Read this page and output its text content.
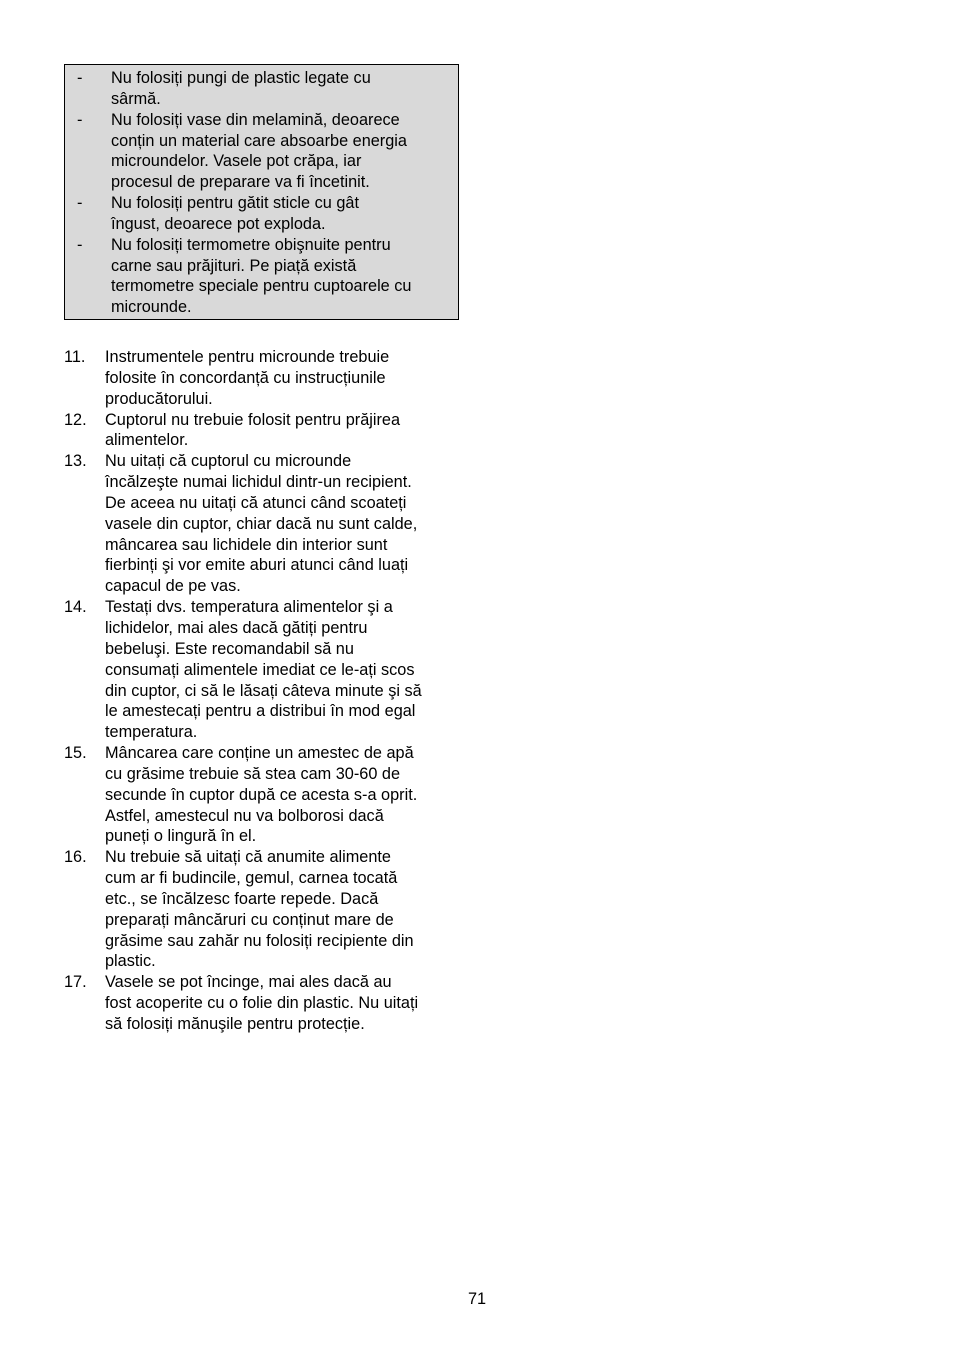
-	Nu folosiți pungi de plastic legate cu
sârmă.
-	Nu folosiți vase din melamină, deoarece
conțin un material care absoarbe energia
microundelor. Vasele pot crăpa, iar
procesul de preparare va fi încetinit.
-	Nu folosiți pentru gătit sticle cu gât
îngust, deoarece pot exploda.
-	Nu folosiți termometre obişnuite pentru
carne sau prăjituri. Pe piață există
termometre speciale pentru cuptoarele cu
microunde.
11.	Instrumentele pentru microunde trebuie
folosite în concordanță cu instrucțiunile
producătorului.
12.	Cuptorul nu trebuie folosit pentru prăjirea
alimentelor.
13.	Nu uitați că cuptorul cu microunde
încălzeşte numai lichidul dintr-un recipient.
De aceea nu uitați că atunci când scoateți
vasele din cuptor, chiar dacă nu sunt calde,
mâncarea sau lichidele din interior sunt
fierbinți şi vor emite aburi atunci când luați
capacul de pe vas.
14.	Testați dvs. temperatura alimentelor şi a
lichidelor, mai ales dacă gătiți pentru
bebeluşi. Este recomandabil să nu
consumați alimentele imediat ce le-ați scos
din cuptor, ci să le lăsați câteva minute şi să
le amestecați pentru a distribui în mod egal
temperatura.
15.	Mâncarea care conține un amestec de apă
cu grăsime trebuie să stea cam 30-60 de
secunde în cuptor după ce acesta s-a oprit.
Astfel, amestecul nu va bolborosi dacă
puneți o lingură în el.
16.	Nu trebuie să uitați că anumite alimente
cum ar fi budincile, gemul, carnea tocată
etc., se încălzesc foarte repede. Dacă
preparați mâncăruri cu conținut mare de
grăsime sau zahăr nu folosiți recipiente din
plastic.
17.	Vasele se pot încinge, mai ales dacă au
fost acoperite cu o folie din plastic. Nu uitați
să folosiți mănuşile pentru protecție.
71
